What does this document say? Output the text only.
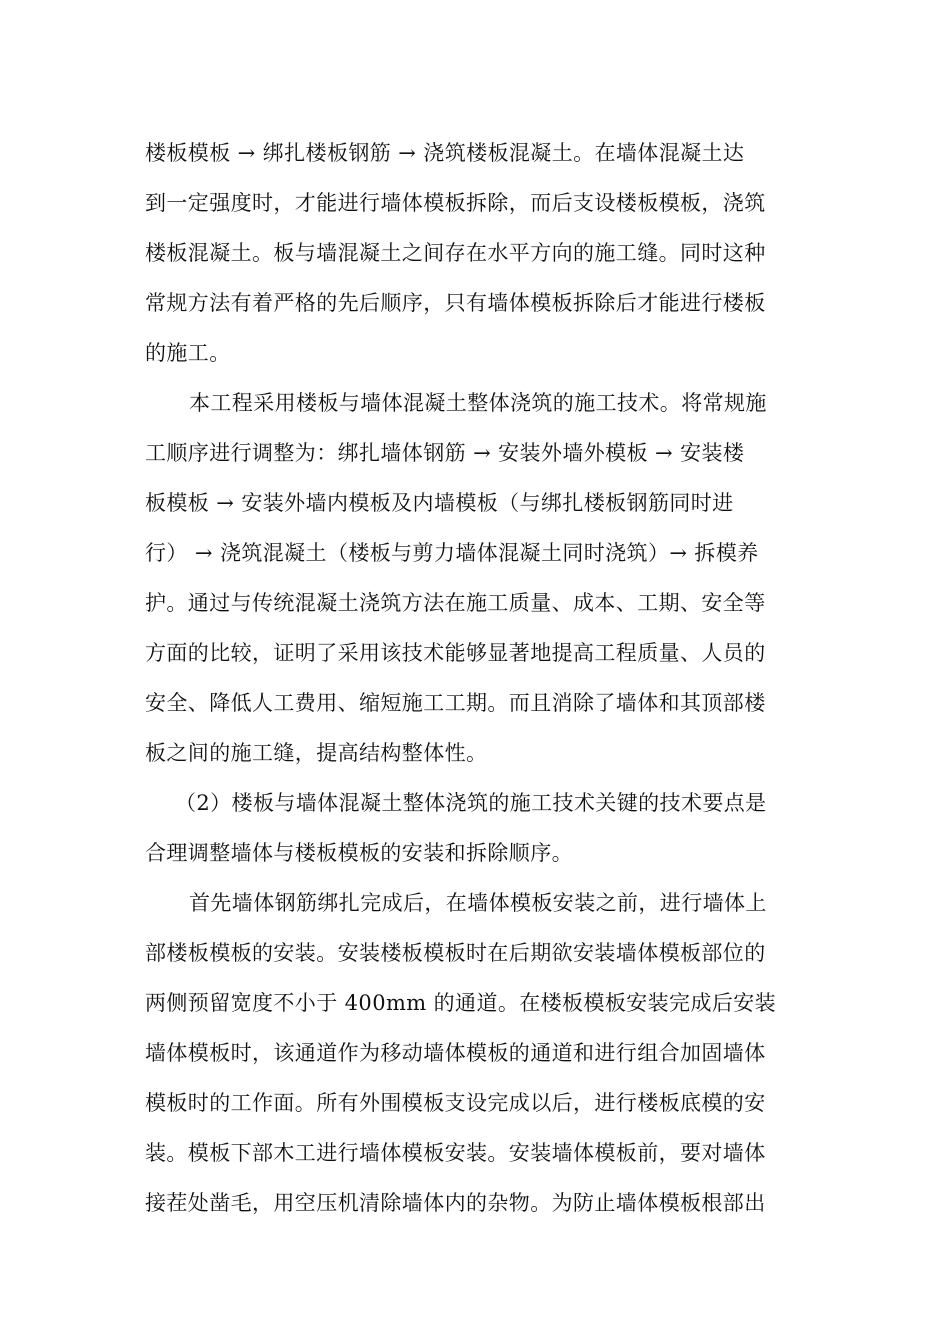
楼板模板 → 绑扎楼板钢筋 → 浇筑楼板混凝土。在墙体混凝土达
到一定强度时，才能进行墙体模板拆除，而后支设楼板模板，浇筑
楼板混凝土。板与墙混凝土之间存在水平方向的施工缝。同时这种
常规方法有着严格的先后顺序，只有墙体模板拆除后才能进行楼板
的施工。
本工程采用楼板与墙体混凝土整体浇筑的施工技术。将常规施
工顺序进行调整为：绑扎墙体钢筋 → 安装外墙外模板 → 安装楼
板模板 → 安装外墙内模板及内墙模板（与绑扎楼板钢筋同时进
行） → 浇筑混凝土（楼板与剪力墙体混凝土同时浇筑）→ 拆模养
护。通过与传统混凝土浇筑方法在施工质量、成本、工期、安全等
方面的比较，证明了采用该技术能够显著地提高工程质量、人员的
安全、降低人工费用、缩短施工工期。而且消除了墙体和其顶部楼
板之间的施工缝，提高结构整体性。
（2）楼板与墙体混凝土整体浇筑的施工技术关键的技术要点是
合理调整墙体与楼板模板的安装和拆除顺序。
首先墙体钢筋绑扎完成后，在墙体模板安装之前，进行墙体上
部楼板模板的安装。安装楼板模板时在后期欲安装墙体模板部位的
两侧预留宽度不小于 400mm 的通道。在楼板模板安装完成后安装
墙体模板时，该通道作为移动墙体模板的通道和进行组合加固墙体
模板时的工作面。所有外围模板支设完成以后，进行楼板底模的安
装。模板下部木工进行墙体模板安装。安装墙体模板前，要对墙体
接茬处凿毛，用空压机清除墙体内的杂物。为防止墙体模板根部出
